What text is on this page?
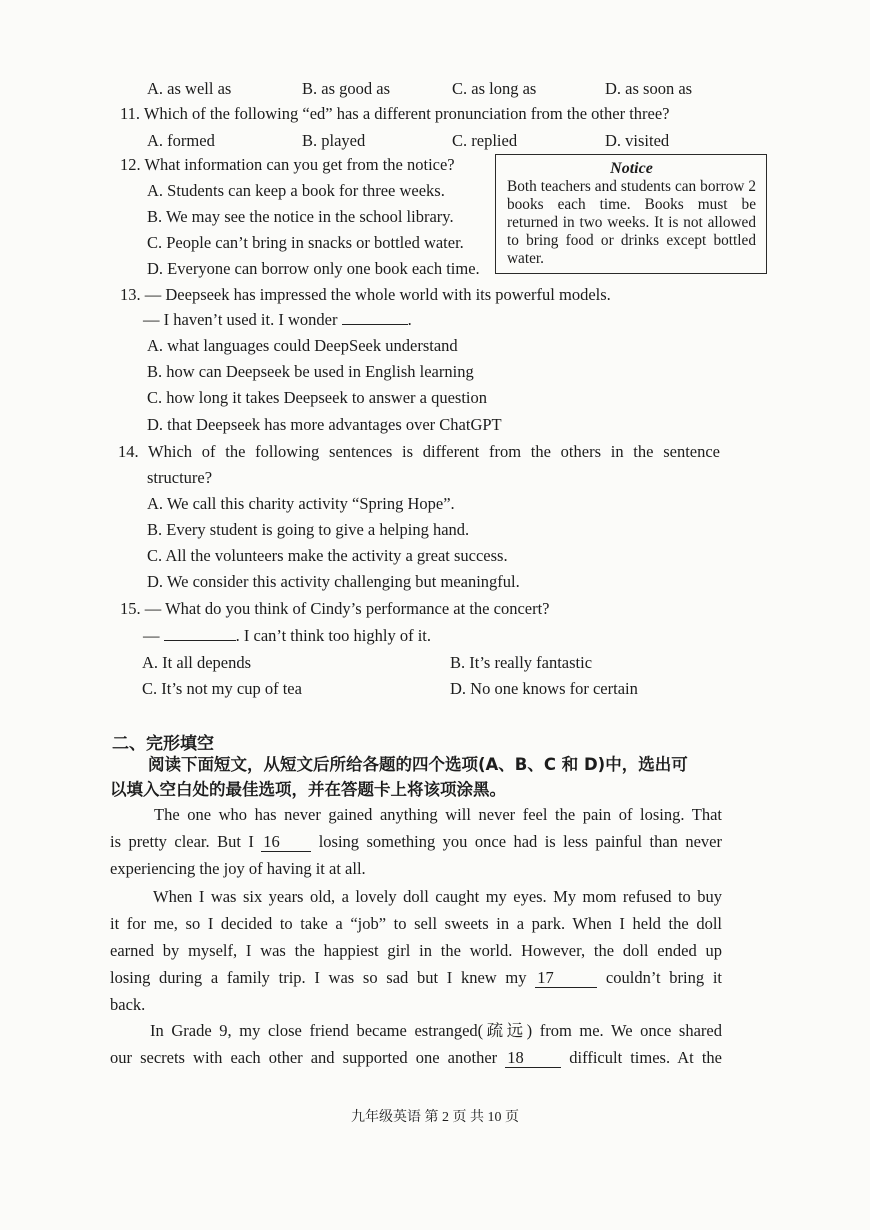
A. as well as	B. as good as	C. as long as	D. as soon as
11. Which of the following “ed” has a different pronunciation from the other three?
A. formed	B. played	C. replied	D. visited
12. What information can you get from the notice?
A. Students can keep a book for three weeks.
B. We may see the notice in the school library.
C. People can’t bring in snacks or bottled water.
D. Everyone can borrow only one book each time.
Notice
Both teachers and students can borrow 2 books each time. Books must be returned in two weeks. It is not allowed to bring food or drinks except bottled water.
13. — Deepseek has impressed the whole world with its powerful models.
— I haven’t used it. I wonder	.
A. what languages could DeepSeek understand
B. how can Deepseek be used in English learning
C. how long it takes Deepseek to answer a question
D. that Deepseek has more advantages over ChatGPT
14. Which of the following sentences is different from the others in the sentence
structure?
A. We call this charity activity “Spring Hope”.
B. Every student is going to give a helping hand.
C. All the volunteers make the activity a great success.
D. We consider this activity challenging but meaningful.
15. — What do you think of Cindy’s performance at the concert?
—	. I can’t think too highly of it.
A. It all depends	B. It’s really fantastic
C. It’s not my cup of tea	D. No one knows for certain
二、完形填空
阅读下面短文，从短文后所给各题的四个选项(A、B、C 和 D)中，选出可
以填入空白处的最佳选项，并在答题卡上将该项涂黑。

The one who has never gained anything will never feel the pain of losing. That

is pretty clear. But I 16 losing something you once had is less painful than never

experiencing the joy of having it at all.

When I was six years old, a lovely doll caught my eyes. My mom refused to buy

it for me, so I decided to take a “job” to sell sweets in a park. When I held the doll

earned by myself, I was the happiest girl in the world. However, the doll ended up

losing during a family trip. I was so sad but I knew my 17	couldn’t bring it

back.

In Grade 9, my close friend became estranged(疏远) from me. We once shared

our secrets with each other and supported one another 18	difficult times. At the

九年级英语 第 2 页 共 10 页
